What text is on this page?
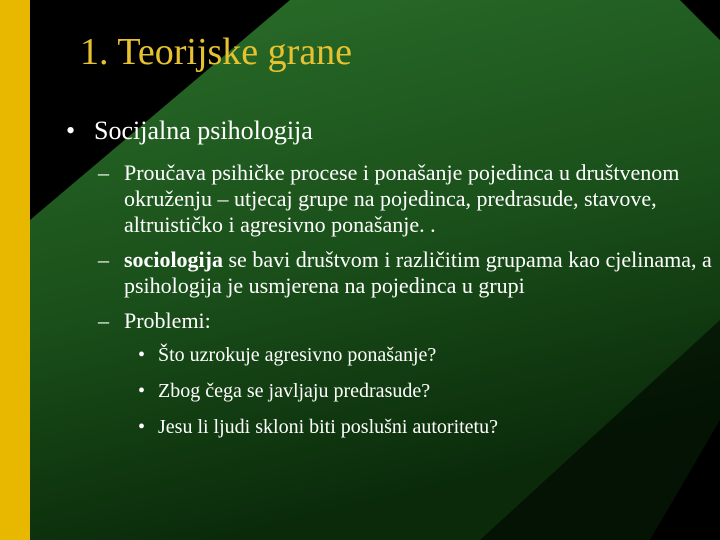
1. Teorijske grane
• Socijalna psihologija
– Proučava psihičke procese i ponašanje pojedinca u društvenom okruženju – utjecaj grupe na pojedinca, predrasude, stavove, altruističko i agresivno ponašanje. .
– sociologija se bavi društvom i različitim grupama kao cjelinama, a psihologija je usmjerena na pojedinca u grupi
– Problemi:
• Što uzrokuje agresivno ponašanje?
• Zbog čega se javljaju predrasude?
• Jesu li ljudi skloni biti poslušni autoritetu?
